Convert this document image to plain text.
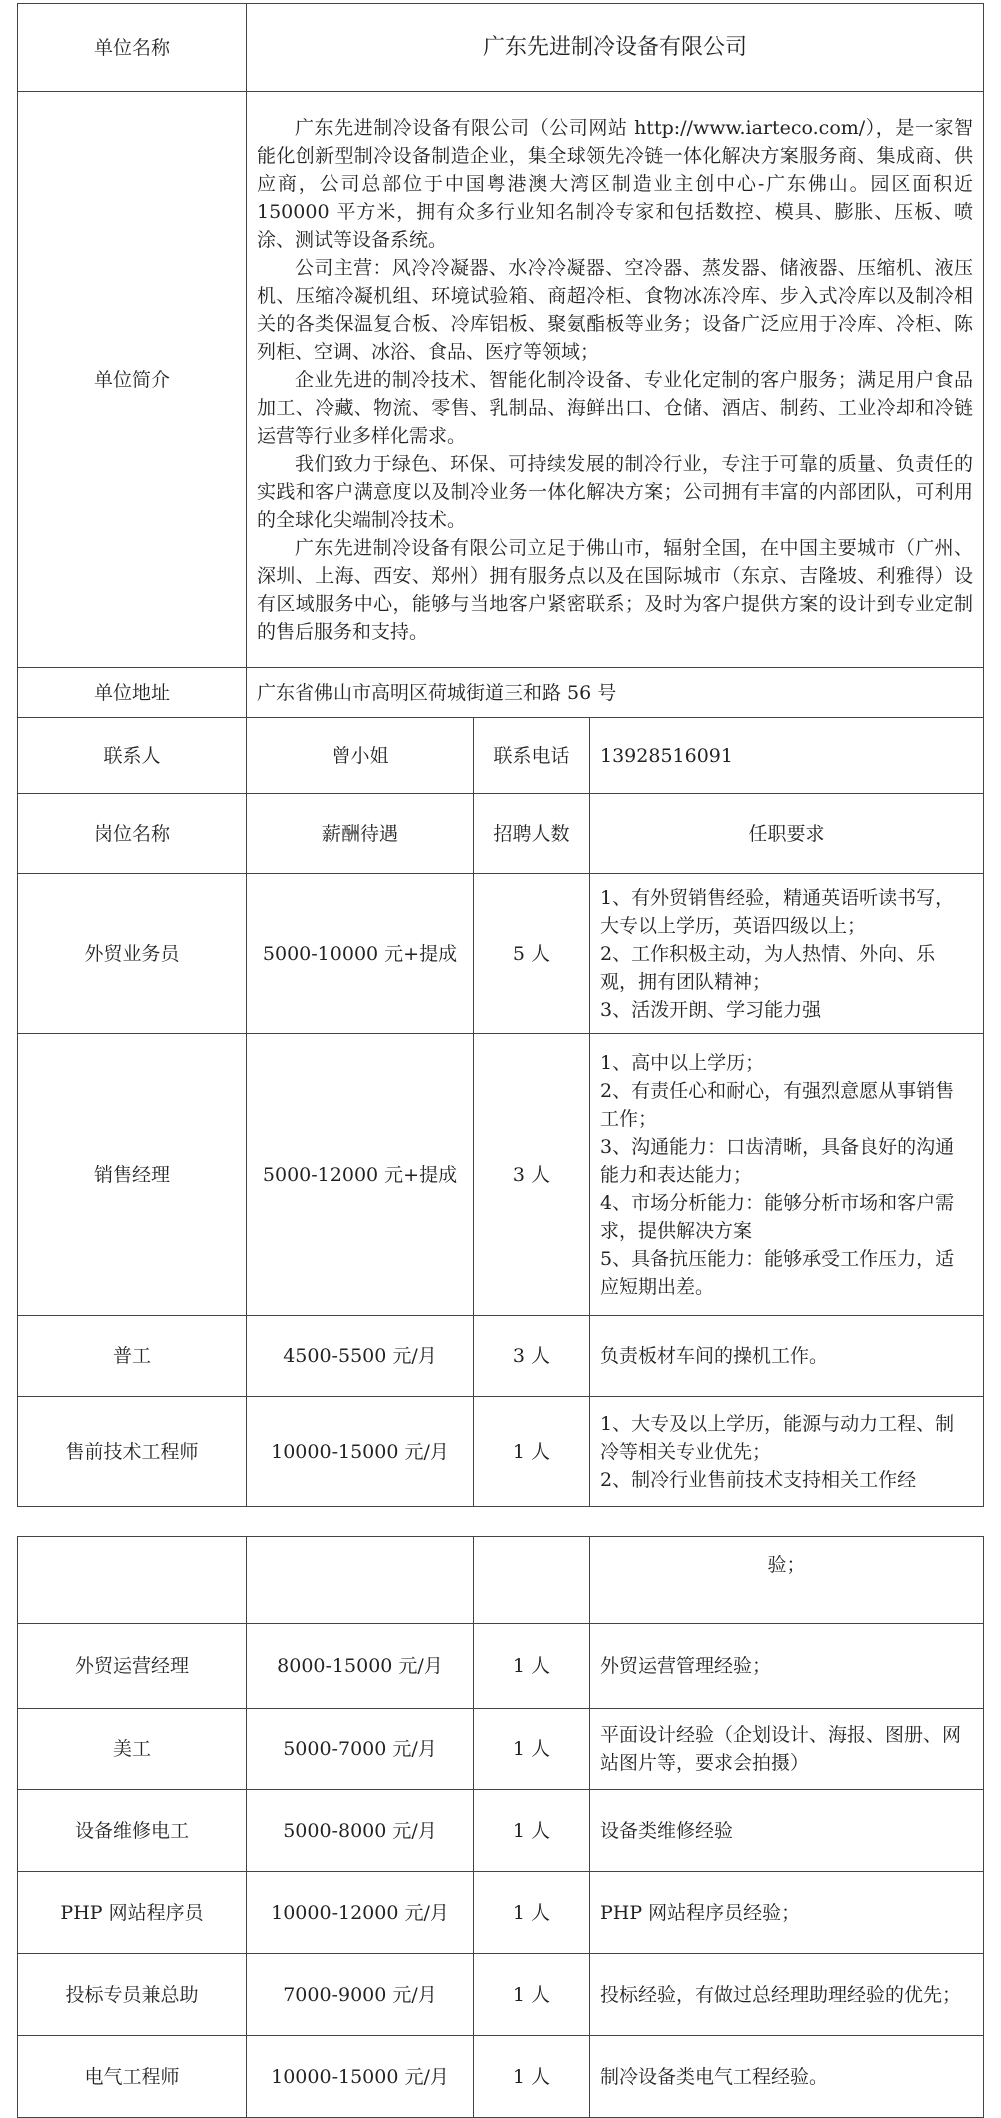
单位名称	广东先进制冷设备有限公司		
单位简介	广东先进制冷设备有限公司（公司网站 http://www.iarteco.com/），是一家智能化创新型制冷设备制造企业，集全球领先冷链一体化解决方案服务商、集成商、供应商，公司总部位于中国粤港澳大湾区制造业主创中心-广东佛山。园区面积近 150000 平方米，拥有众多行业知名制冷专家和包括数控、模具、膨胀、压板、喷涂、测试等设备系统。

公司主营：风冷冷凝器、水冷冷凝器、空冷器、蒸发器、储液器、压缩机、液压机、压缩冷凝机组、环境试验箱、商超冷柜、食物冰冻冷库、步入式冷库以及制冷相关的各类保温复合板、冷库铝板、聚氨酯板等业务；设备广泛应用于冷库、冷柜、陈列柜、空调、冰浴、食品、医疗等领域；

企业先进的制冷技术、智能化制冷设备、专业化定制的客户服务；满足用户食品加工、冷藏、物流、零售、乳制品、海鲜出口、仓储、酒店、制药、工业冷却和冷链运营等行业多样化需求。

我们致力于绿色、环保、可持续发展的制冷行业，专注于可靠的质量、负责任的实践和客户满意度以及制冷业务一体化解决方案；公司拥有丰富的内部团队，可利用的全球化尖端制冷技术。

广东先进制冷设备有限公司立足于佛山市，辐射全国，在中国主要城市（广州、深圳、上海、西安、郑州）拥有服务点以及在国际城市（东京、吉隆坡、利雅得）设有区域服务中心，能够与当地客户紧密联系；及时为客户提供方案的设计到专业定制的售后服务和支持。		

单位地址	广东省佛山市高明区荷城街道三和路 56 号		
联系人	曾小姐	联系电话	13928516091
岗位名称	薪酬待遇	招聘人数	任职要求
外贸业务员	5000-10000 元+提成	5 人	1、有外贸销售经验，精通英语听读书写，大专以上学历，英语四级以上；

2、工作积极主动，为人热情、外向、乐观，拥有团队精神；

3、活泼开朗、学习能力强

销售经理	5000-12000 元+提成	3 人	1、高中以上学历；

2、有责任心和耐心，有强烈意愿从事销售工作；

3、沟通能力：口齿清晰，具备良好的沟通能力和表达能力；

4、市场分析能力：能够分析市场和客户需求，提供解决方案

5、具备抗压能力：能够承受工作压力，适应短期出差。

普工	4500-5500 元/月	3 人	负责板材车间的操机工作。

售前技术工程师	10000-15000 元/月	1 人	1、大专及以上学历，能源与动力工程、制冷等相关专业优先；

2、制冷行业售前技术支持相关工作经

			验；
外贸运营经理	8000-15000 元/月	1 人	外贸运营管理经验；

美工	5000-7000 元/月	1 人	平面设计经验（企划设计、海报、图册、网站图片等，要求会拍摄）

设备维修电工	5000-8000 元/月	1 人	设备类维修经验

PHP 网站程序员	10000-12000 元/月	1 人	PHP 网站程序员经验；

投标专员兼总助	7000-9000 元/月	1 人	投标经验，有做过总经理助理经验的优先；

电气工程师	10000-15000 元/月	1 人	制冷设备类电气工程经验。
